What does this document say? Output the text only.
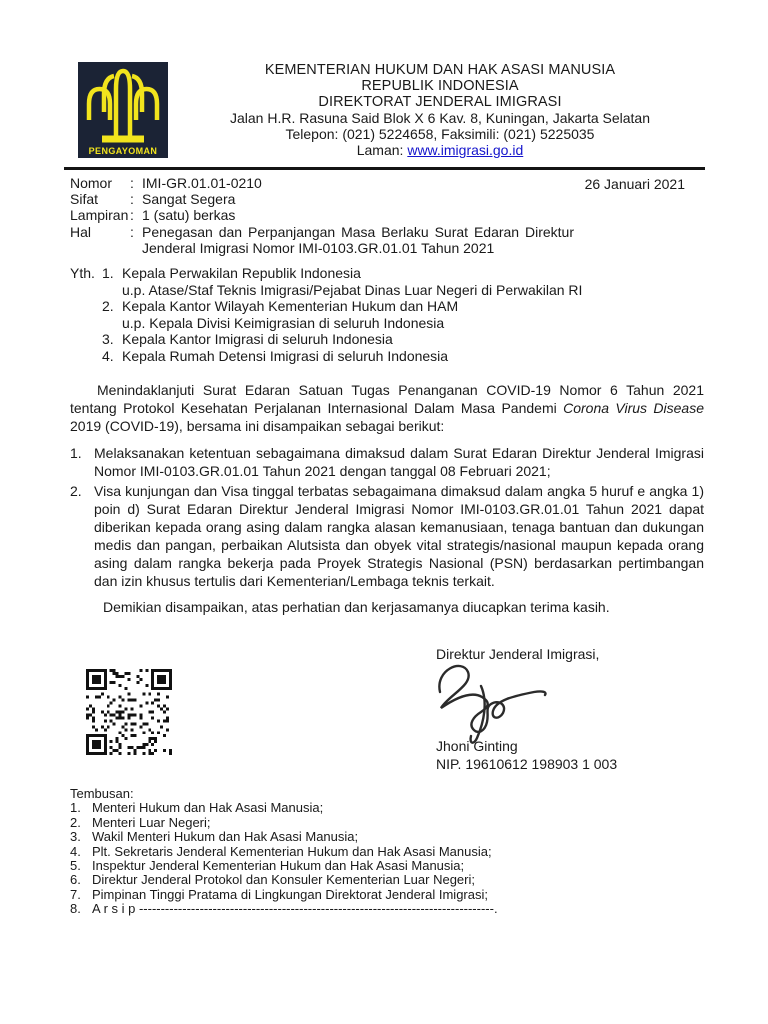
PENGAYOMAN
KEMENTERIAN HUKUM DAN HAK ASASI MANUSIA
REPUBLIK INDONESIA
DIREKTORAT JENDERAL IMIGRASI
Jalan H.R. Rasuna Said Blok X 6 Kav. 8, Kuningan, Jakarta Selatan
Telepon: (021) 5224658, Faksimili: (021) 5225035
Laman: www.imigrasi.go.id
26 Januari 2021
Nomor	: IMI-GR.01.01-0210
Sifat	: Sangat Segera
Lampiran : 1 (satu) berkas
Hal	: Penegasan dan Perpanjangan Masa Berlaku Surat Edaran Direktur Jenderal Imigrasi Nomor IMI-0103.GR.01.01 Tahun 2021
Yth. 1. Kepala Perwakilan Republik Indonesia
u.p. Atase/Staf Teknis Imigrasi/Pejabat Dinas Luar Negeri di Perwakilan RI
2. Kepala Kantor Wilayah Kementerian Hukum dan HAM
u.p. Kepala Divisi Keimigrasian di seluruh Indonesia
3. Kepala Kantor Imigrasi di seluruh Indonesia
4. Kepala Rumah Detensi Imigrasi di seluruh Indonesia
Menindaklanjuti Surat Edaran Satuan Tugas Penanganan COVID-19 Nomor 6 Tahun 2021 tentang Protokol Kesehatan Perjalanan Internasional Dalam Masa Pandemi Corona Virus Disease 2019 (COVID-19), bersama ini disampaikan sebagai berikut:
1. Melaksanakan ketentuan sebagaimana dimaksud dalam Surat Edaran Direktur Jenderal Imigrasi Nomor IMI-0103.GR.01.01 Tahun 2021 dengan tanggal 08 Februari 2021;
2. Visa kunjungan dan Visa tinggal terbatas sebagaimana dimaksud dalam angka 5 huruf e angka 1) poin d) Surat Edaran Direktur Jenderal Imigrasi Nomor IMI-0103.GR.01.01 Tahun 2021 dapat diberikan kepada orang asing dalam rangka alasan kemanusiaan, tenaga bantuan dan dukungan medis dan pangan, perbaikan Alutsista dan obyek vital strategis/nasional maupun kepada orang asing dalam rangka bekerja pada Proyek Strategis Nasional (PSN) berdasarkan pertimbangan dan izin khusus tertulis dari Kementerian/Lembaga teknis terkait.
Demikian disampaikan, atas perhatian dan kerjasamanya diucapkan terima kasih.
Direktur Jenderal Imigrasi,
Jhoni Ginting
NIP. 19610612 198903 1 003
Tembusan:
1. Menteri Hukum dan Hak Asasi Manusia;
2. Menteri Luar Negeri;
3. Wakil Menteri Hukum dan Hak Asasi Manusia;
4. Plt. Sekretaris Jenderal Kementerian Hukum dan Hak Asasi Manusia;
5. Inspektur Jenderal Kementerian Hukum dan Hak Asasi Manusia;
6. Direktur Jenderal Protokol dan Konsuler Kementerian Luar Negeri;
7. Pimpinan Tinggi Pratama di Lingkungan Direktorat Jenderal Imigrasi;
8. A r s i p ----------------------------------------------------------------------------------.
